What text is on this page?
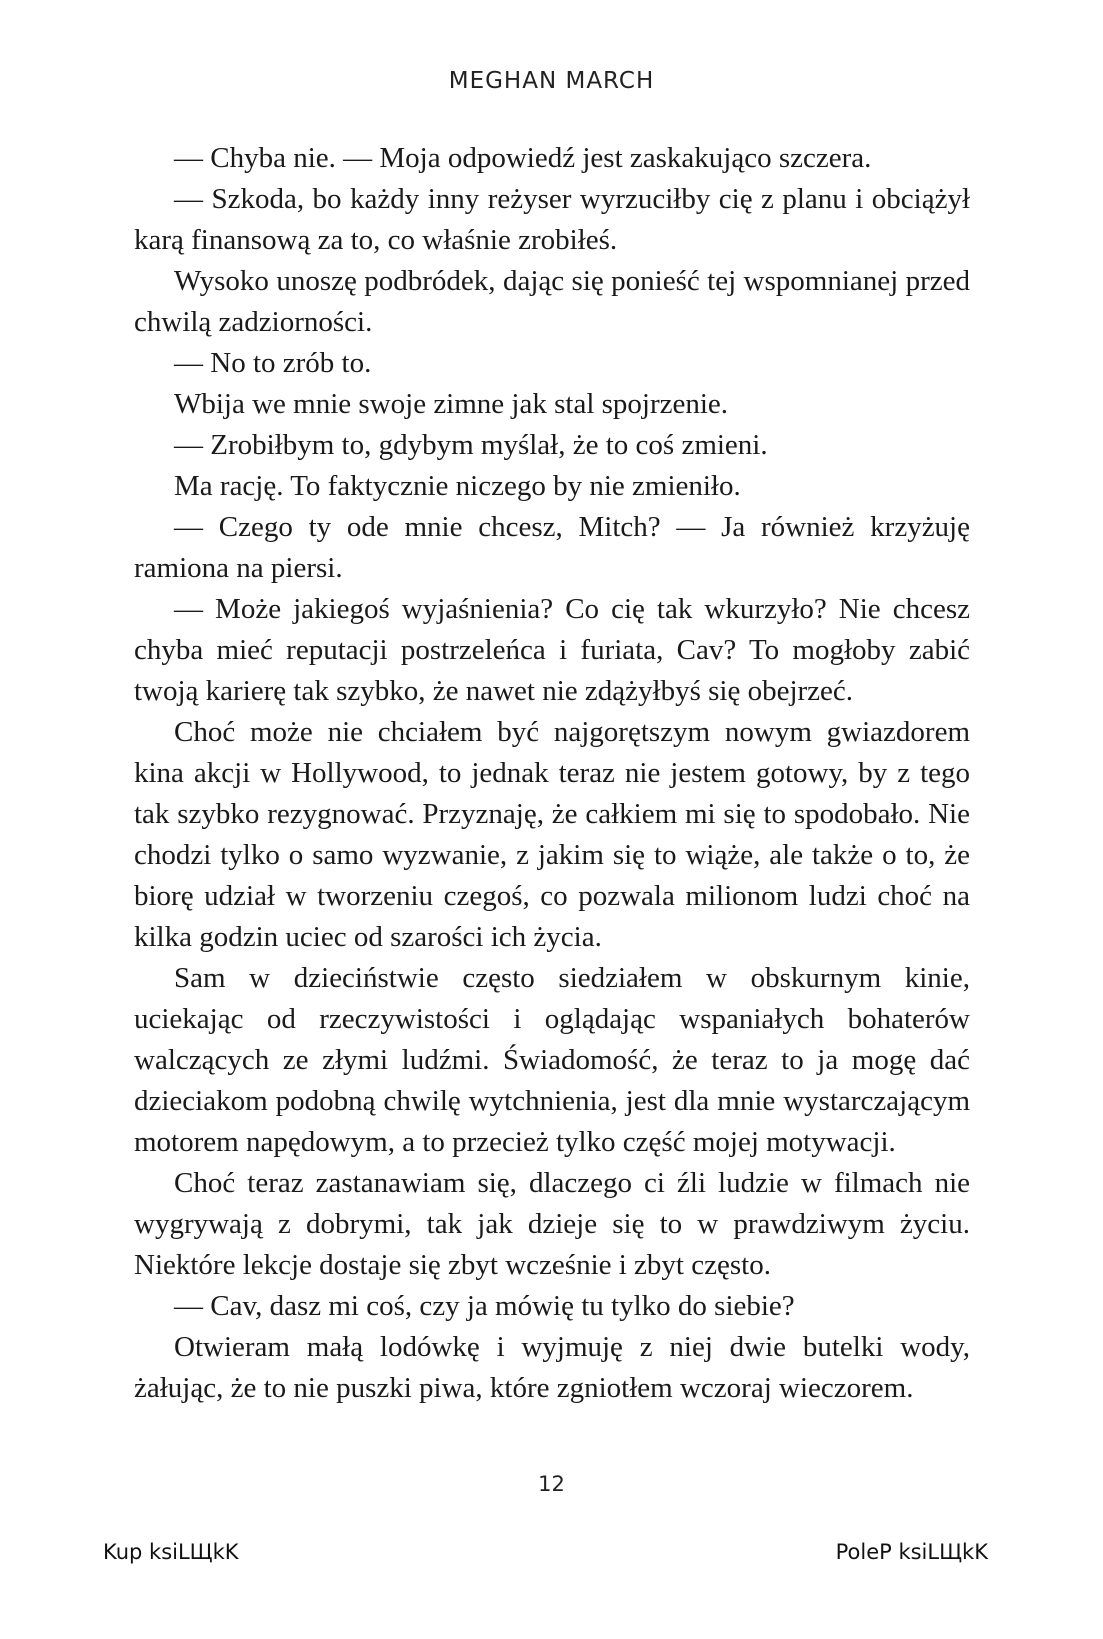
MEGHAN MARCH

— Chyba nie. — Moja odpowiedź jest zaskakująco szczera.

— Szkoda, bo każdy inny reżyser wyrzuciłby cię z planu i obciążył karą finansową za to, co właśnie zrobiłeś.

Wysoko unoszę podbródek, dając się ponieść tej wspomnianej przed chwilą zadziorności.

— No to zrób to.

Wbija we mnie swoje zimne jak stal spojrzenie.

— Zrobiłbym to, gdybym myślał, że to coś zmieni.

Ma rację. To faktycznie niczego by nie zmieniło.

— Czego ty ode mnie chcesz, Mitch? — Ja również krzyżuję ramiona na piersi.

— Może jakiegoś wyjaśnienia? Co cię tak wkurzyło? Nie chcesz chyba mieć reputacji postrzeleńca i furiata, Cav? To mogłoby zabić twoją karierę tak szybko, że nawet nie zdążyłbyś się obejrzeć.

Choć może nie chciałem być najgorętszym nowym gwiazdorem kina akcji w Hollywood, to jednak teraz nie jestem gotowy, by z tego tak szybko rezygnować. Przyznaję, że całkiem mi się to spodobało. Nie chodzi tylko o samo wyzwanie, z jakim się to wiąże, ale także o to, że biorę udział w tworzeniu czegoś, co pozwala milionom ludzi choć na kilka godzin uciec od szarości ich życia.

Sam w dzieciństwie często siedziałem w obskurnym kinie, uciekając od rzeczywistości i oglądając wspaniałych bohaterów walczących ze złymi ludźmi. Świadomość, że teraz to ja mogę dać dzieciakom podobną chwilę wytchnienia, jest dla mnie wystarczającym motorem napędowym, a to przecież tylko część mojej motywacji.

Choć teraz zastanawiam się, dlaczego ci źli ludzie w filmach nie wygrywają z dobrymi, tak jak dzieje się to w prawdziwym życiu. Niektóre lekcje dostaje się zbyt wcześnie i zbyt często.

— Cav, dasz mi coś, czy ja mówię tu tylko do siebie?

Otwieram małą lodówkę i wyjmuję z niej dwie butelki wody, żałując, że to nie puszki piwa, które zgniotłem wczoraj wieczorem.

12
Kup ksiLЩkK	PoleP ksiLЩkK
